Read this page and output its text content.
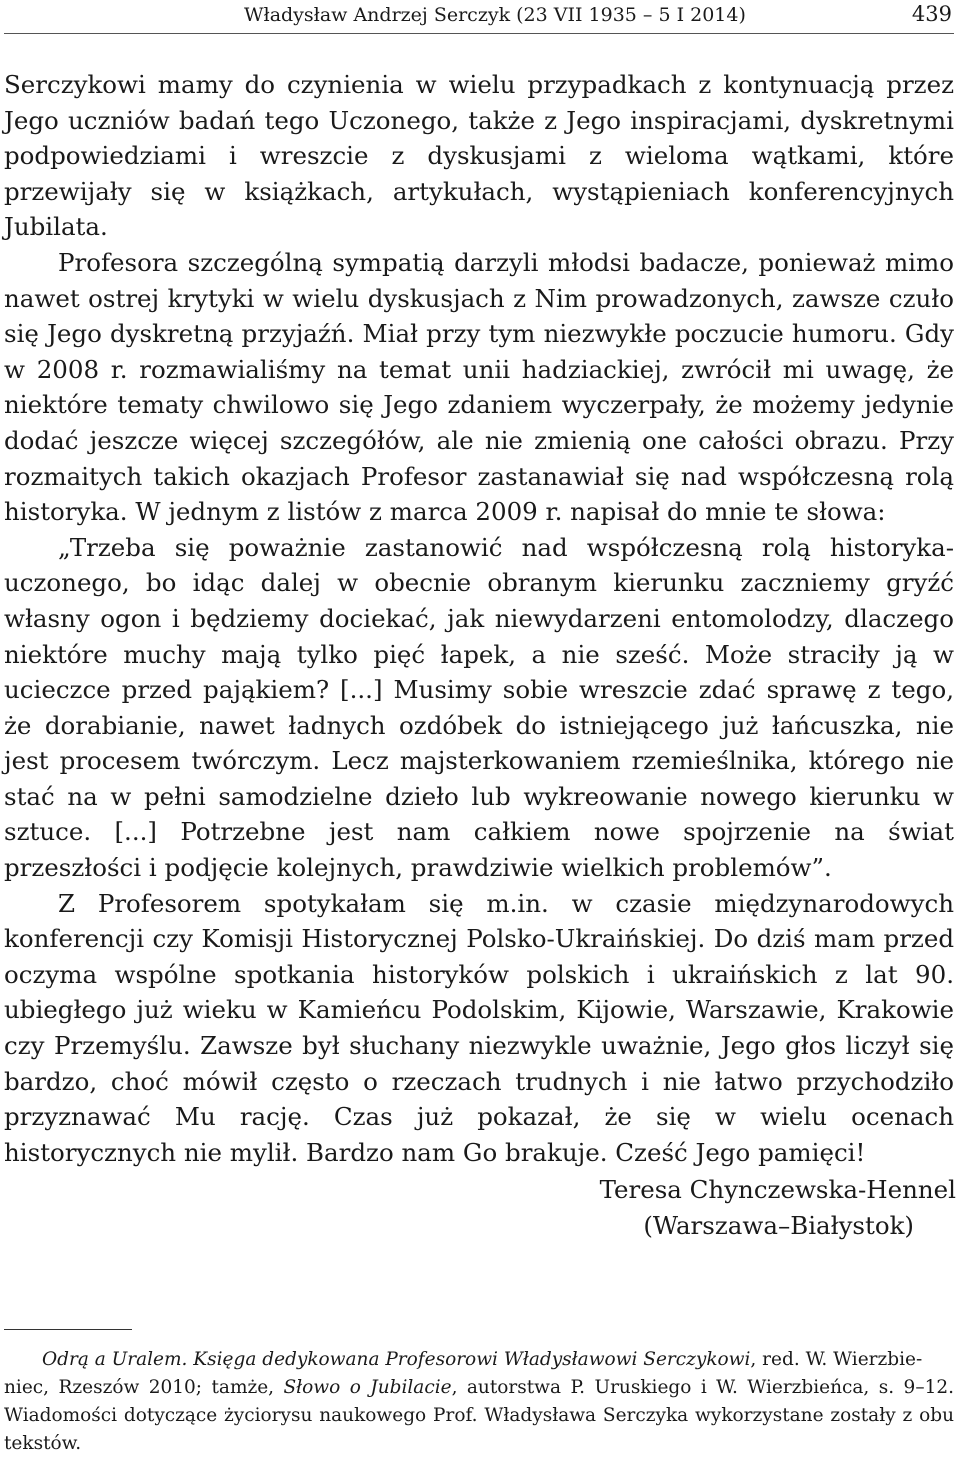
Władysław Andrzej Serczyk (23 VII 1935 – 5 I 2014)	439

Serczykowi mamy do czynienia w wielu przypadkach z kontynuacją przez Jego uczniów badań tego Uczonego, także z Jego inspiracjami, dyskretnymi podpowiedziami i wreszcie z dyskusjami z wieloma wątkami, które przewijały się w książkach, artykułach, wystąpieniach konferencyjnych Jubilata.

Profesora szczególną sympatią darzyli młodsi badacze, ponieważ mimo nawet ostrej krytyki w wielu dyskusjach z Nim prowadzonych, zawsze czuło się Jego dyskretną przyjaźń. Miał przy tym niezwykłe poczucie humoru. Gdy w 2008 r. rozmawialiśmy na temat unii hadziackiej, zwrócił mi uwagę, że niektóre tematy chwilowo się Jego zdaniem wyczerpały, że możemy jedynie dodać jeszcze więcej szczegółów, ale nie zmienią one całości obrazu. Przy rozmaitych takich okazjach Profesor zastanawiał się nad współczesną rolą historyka. W jednym z listów z marca 2009 r. napisał do mnie te słowa:

„Trzeba się poważnie zastanowić nad współczesną rolą historyka-uczonego, bo idąc dalej w obecnie obranym kierunku zaczniemy gryźć własny ogon i będziemy dociekać, jak niewydarzeni entomolodzy, dlaczego niektóre muchy mają tylko pięć łapek, a nie sześć. Może straciły ją w ucieczce przed pająkiem? [...] Musimy sobie wreszcie zdać sprawę z tego, że dorabianie, nawet ładnych ozdóbek do istniejącego już łańcuszka, nie jest procesem twórczym. Lecz majsterkowaniem rzemieślnika, którego nie stać na w pełni samodzielne dzieło lub wykreowanie nowego kierunku w sztuce. [...] Potrzebne jest nam całkiem nowe spojrzenie na świat przeszłości i podjęcie kolejnych, prawdziwie wielkich problemów”.

Z Profesorem spotykałam się m.in. w czasie międzynarodowych konferencji czy Komisji Historycznej Polsko-Ukraińskiej. Do dziś mam przed oczyma wspólne spotkania historyków polskich i ukraińskich z lat 90. ubiegłego już wieku w Kamieńcu Podolskim, Kijowie, Warszawie, Krakowie czy Przemyślu. Zawsze był słuchany niezwykle uważnie, Jego głos liczył się bardzo, choć mówił często o rzeczach trudnych i nie łatwo przychodziło przyznawać Mu rację. Czas już pokazał, że się w wielu ocenach historycznych nie mylił. Bardzo nam Go brakuje. Cześć Jego pamięci!

Teresa Chynczewska-Hennel

(Warszawa–Białystok)
Odrą a Uralem. Księga dedykowana Profesorowi Władysławowi Serczykowi, red. W. Wierzbie-
niec, Rzeszów 2010; tamże, Słowo o Jubilacie, autorstwa P. Uruskiego i W. Wierzbieńca, s. 9–12. Wiadomości dotyczące życiorysu naukowego Prof. Władysława Serczyka wykorzystane zostały z obu tekstów.
